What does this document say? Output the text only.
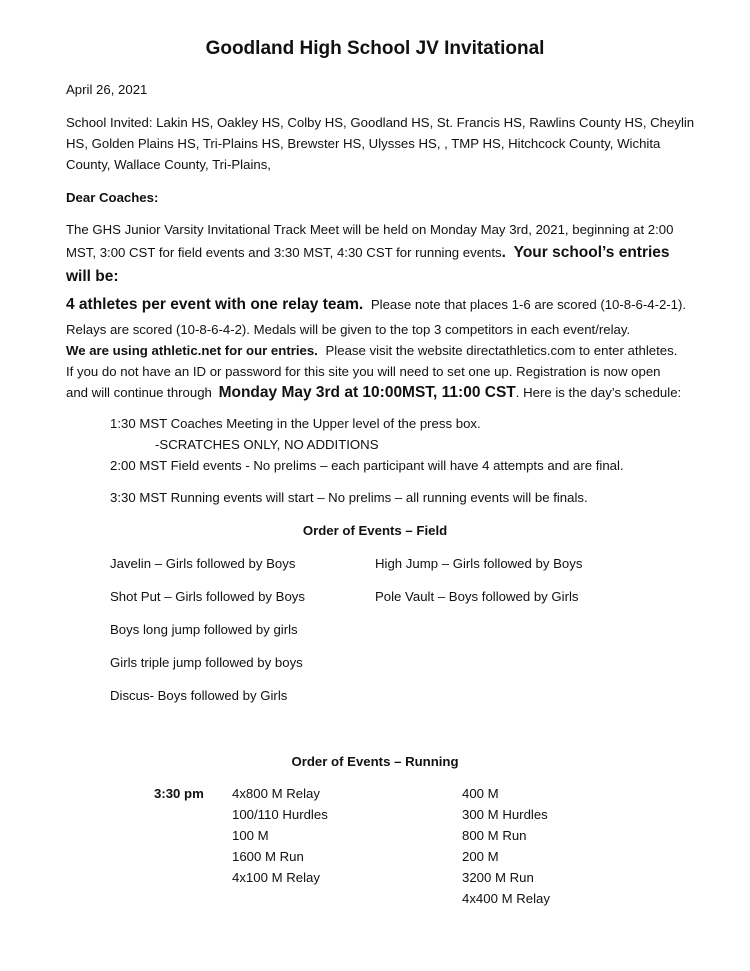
Goodland High School JV Invitational
April 26, 2021
School Invited: Lakin HS, Oakley HS, Colby HS, Goodland HS, St. Francis HS, Rawlins County HS, Cheylin
HS, Golden Plains HS, Tri-Plains HS, Brewster HS, Ulysses HS, , TMP HS, Hitchcock County, Wichita
County, Wallace County, Tri-Plains,
Dear Coaches:
The GHS Junior Varsity Invitational Track Meet will be held on Monday May 3rd, 2021, beginning at 2:00
MST, 3:00 CST for field events and 3:30 MST, 4:30 CST for running events. Your school’s entries
will be:
4 athletes per event with one relay team. Please note that places 1-6 are scored (10-8-6-4-2-1).
Relays are scored (10-8-6-4-2). Medals will be given to the top 3 competitors in each event/relay.
We are using athletic.net for our entries. Please visit the website directathletics.com to enter athletes.
If you do not have an ID or password for this site you will need to set one up. Registration is now open
and will continue through Monday May 3rd at 10:00MST, 11:00 CST. Here is the day’s schedule:
1:30 MST Coaches Meeting in the Upper level of the press box.
-SCRATCHES ONLY, NO ADDITIONS
2:00 MST Field events - No prelims – each participant will have 4 attempts and are final.
3:30 MST Running events will start – No prelims – all running events will be finals.
Order of Events – Field
Javelin – Girls followed by Boys
Shot Put – Girls followed by Boys
Boys long jump followed by girls
Girls triple jump followed by boys
Discus- Boys followed by Girls
High Jump – Girls followed by Boys
Pole Vault – Boys followed by Girls
Order of Events – Running
3:30 pm 4x800 M Relay
100/110 Hurdles
100 M
1600 M Run
4x100 M Relay
400 M
300 M Hurdles
800 M Run
200 M
3200 M Run
4x400 M Relay
